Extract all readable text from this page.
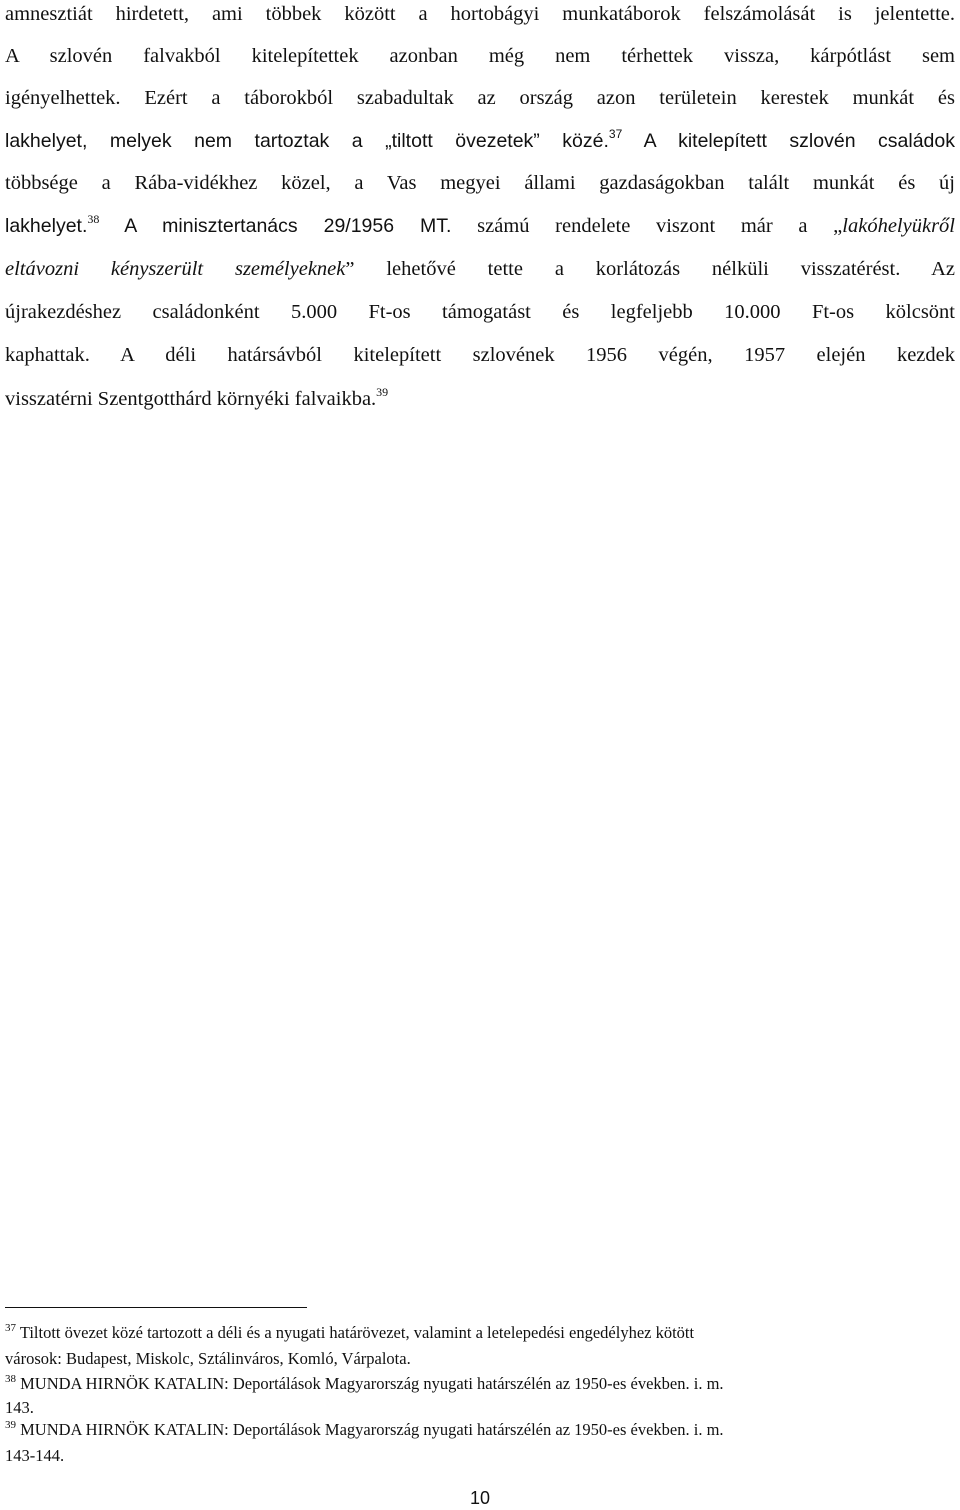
amnesztiát hirdetett, ami többek között a hortobágyi munkatáborok felszámolását is jelentette.
A szlovén falvakból kitelepítettek azonban még nem térhettek vissza, kárpótlást sem
igényelhettek. Ezért a táborokból szabadultak az ország azon területein kerestek munkát és
lakhelyet, melyek nem tartoztak a „tiltott övezetek” közé.$^{37}$ A kitelepített szlovén családok
többsége a Rába-vidékhez közel, a Vas megyei állami gazdaságokban talált munkát és új
lakhelyet.$^{38}$ A minisztertanács 29/1956 MT. számú rendelete viszont már a „lakóhelyükről
eltávozni kényszerült személyeknek” lehetővé tette a korlátozás nélküli visszatérést. Az
újrakezdéshez családonként 5.000 Ft-os támogatást és legfeljebb 10.000 Ft-os kölcsönt
kaphattak. A déli határsávból kitelepített szlovének 1956 végén, 1957 elején kezdek
visszatérni Szentgotthárd környéki falvaikba.$^{39}$
$^{37}$ Tiltott övezet közé tartozott a déli és a nyugati határövezet, valamint a letelepedési engedélyhez kötött
városok: Budapest, Miskolc, Sztálinváros, Komló, Várpalota.
$^{38}$ MUNDA HIRNÖK KATALIN: Deportálások Magyarország nyugati határszélén az 1950-es években. i. m.
143.
$^{39}$ MUNDA HIRNÖK KATALIN: Deportálások Magyarország nyugati határszélén az 1950-es években. i. m.
143-144.
10
